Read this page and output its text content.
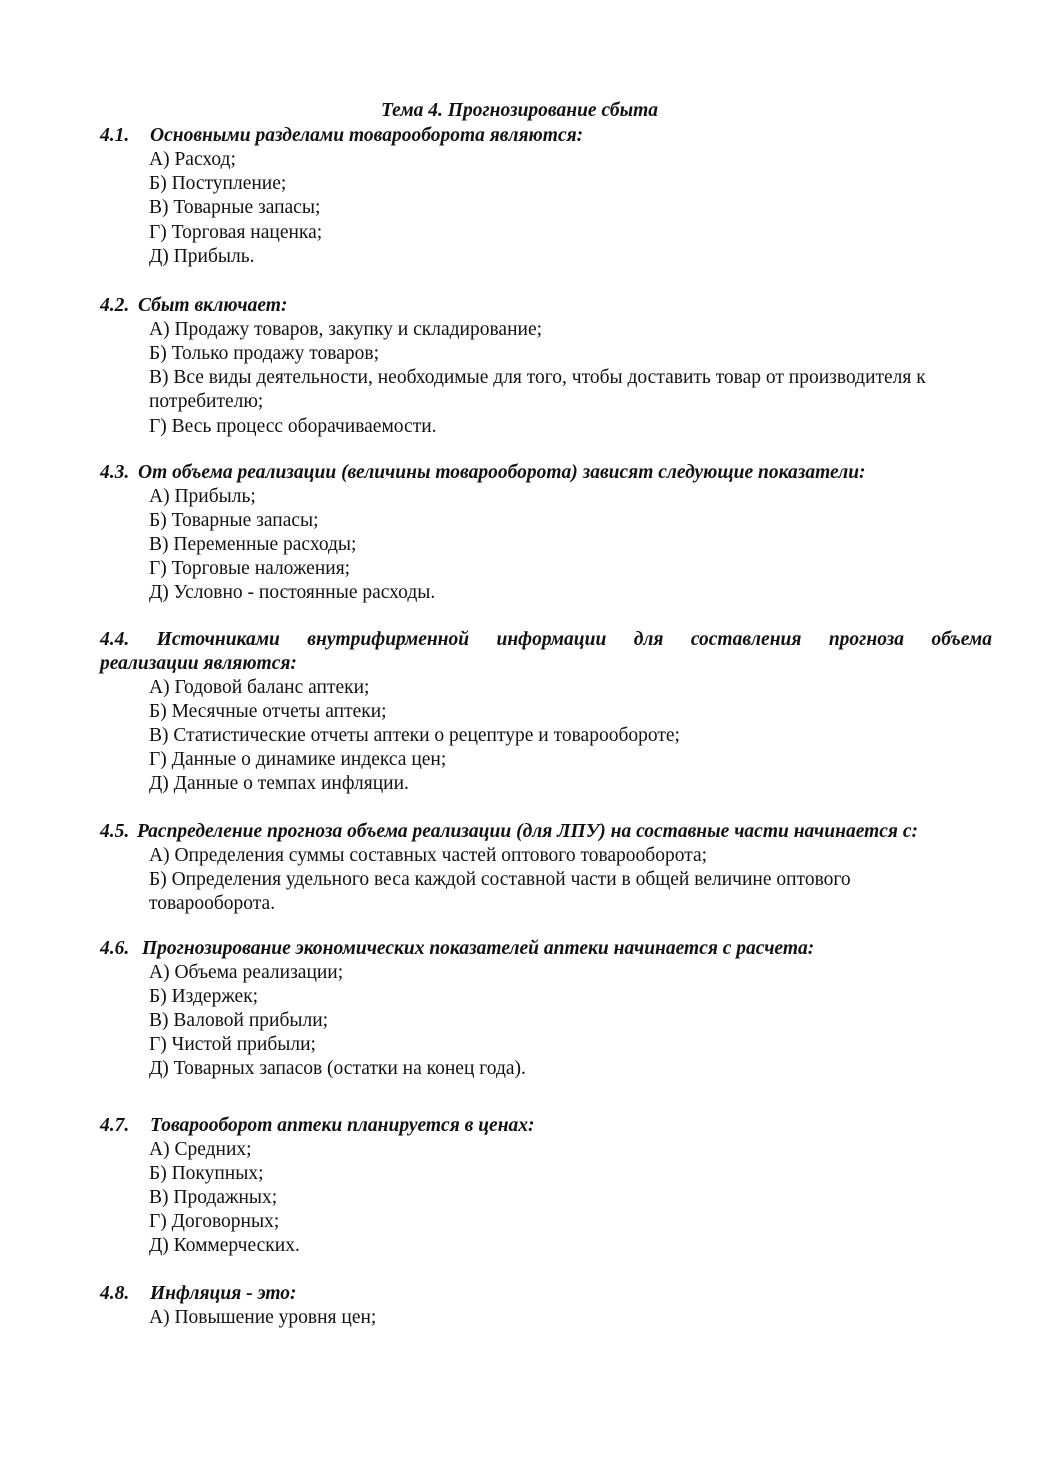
Тема 4. Прогнозирование сбыта
4.1. Основными разделами товарооборота являются:
А) Расход;
Б) Поступление;
В) Товарные запасы;
Г) Торговая наценка;
Д) Прибыль.
4.2. Сбыт включает:
А) Продажу товаров, закупку и складирование;
Б) Только продажу товаров;
В) Все виды деятельности, необходимые для того, чтобы доставить товар от производителя к потребителю;
Г) Весь процесс оборачиваемости.
4.3. От объема реализации (величины товарооборота) зависят следующие показатели:
А) Прибыль;
Б) Товарные запасы;
В) Переменные расходы;
Г) Торговые наложения;
Д) Условно - постоянные расходы.
4.4. Источниками внутрифирменной информации для составления прогноза объема
реализации являются:
А) Годовой баланс аптеки;
Б) Месячные отчеты аптеки;
В) Статистические отчеты аптеки о рецептуре и товарообороте;
Г) Данные о динамике индекса цен;
Д) Данные о темпах инфляции.
4.5. Распределение прогноза объема реализации (для ЛПУ) на составные части начинается с:
А) Определения суммы составных частей оптового товарооборота;
Б) Определения удельного веса каждой составной части в общей величине оптового товарооборота.
4.6. Прогнозирование экономических показателей аптеки начинается с расчета:
А) Объема реализации;
Б) Издержек;
В) Валовой прибыли;
Г) Чистой прибыли;
Д) Товарных запасов (остатки на конец года).
4.7. Товарооборот аптеки планируется в ценах:
А) Средних;
Б) Покупных;
В) Продажных;
Г) Договорных;
Д) Коммерческих.
4.8. Инфляция - это:
А) Повышение уровня цен;
